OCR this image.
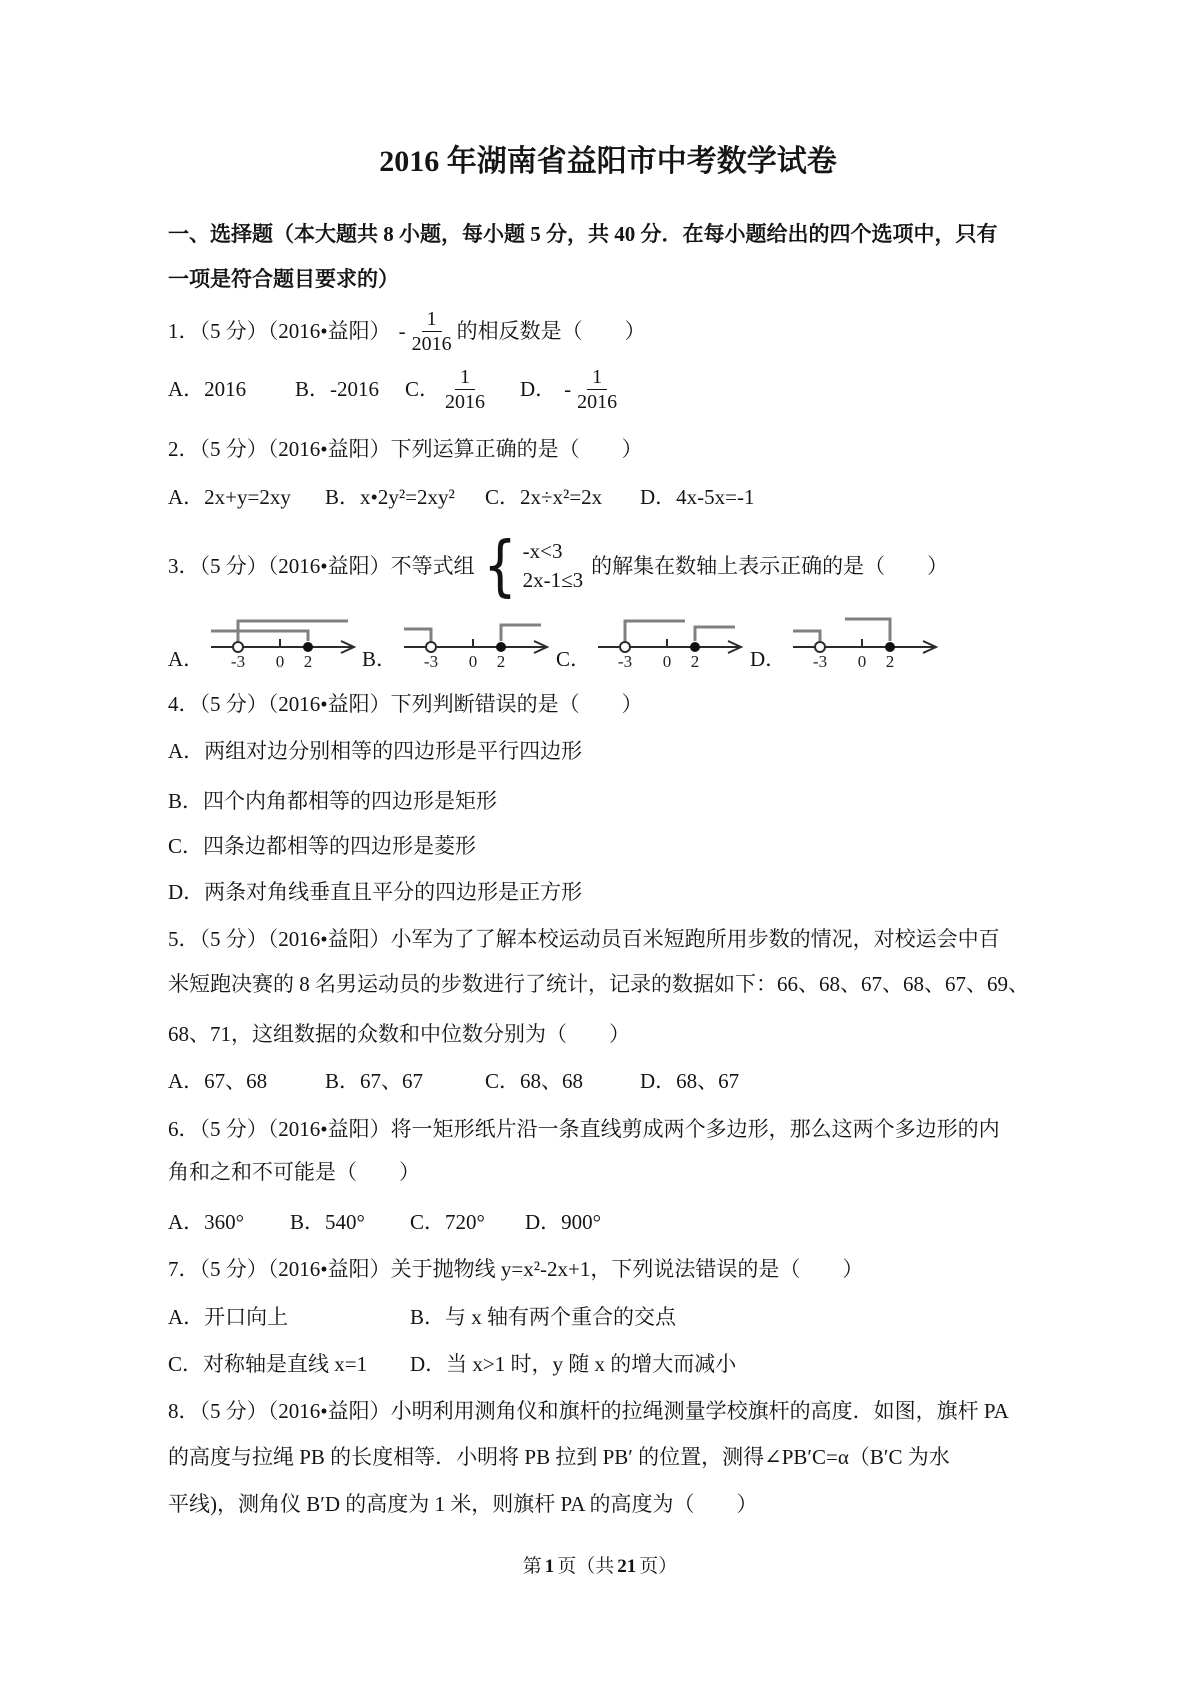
2016 年湖南省益阳市中考数学试卷
一、选择题（本大题共 8 小题，每小题 5 分，共 40 分．在每小题给出的四个选项中，只有
一项是符合题目要求的）
1．（5 分）（2016•益阳） - $\frac{1}{2016}$ 的相反数是（　　）
A． 2016 B． -2016 C． $\frac{1}{2016}$ D． - $\frac{1}{2016}$
2．（5 分）（2016•益阳）下列运算正确的是（　　）
A．2x+y=2xy	B．x•2y²=2xy²	C．2x÷x²=2x	D．4x-5x=-1
3．（5 分）（2016•益阳）不等式组 { -x<3
2x-1≤3
的解集在数轴上表示正确的是（　　）
A． -3 0 2 B． -3 0 2 C． -3 0 2 D． -3 0 2
4．（5 分）（2016•益阳）下列判断错误的是（　　）
A．两组对边分别相等的四边形是平行四边形
B．四个内角都相等的四边形是矩形
C．四条边都相等的四边形是菱形
D．两条对角线垂直且平分的四边形是正方形
5．（5 分）（2016•益阳）小军为了了解本校运动员百米短跑所用步数的情况，对校运会中百
米短跑决赛的 8 名男运动员的步数进行了统计，记录的数据如下：66、68、67、68、67、69、
68、71，这组数据的众数和中位数分别为（　　）
A．67、68	B．67、67	C．68、68	D．68、67
6．（5 分）（2016•益阳）将一矩形纸片沿一条直线剪成两个多边形，那么这两个多边形的内
角和之和不可能是（　　）
A．360°	B．540°	C．720°	D．900°
7．（5 分）（2016•益阳）关于抛物线 y=x²-2x+1，下列说法错误的是（　　）
A．开口向上	B．与 x 轴有两个重合的交点
C．对称轴是直线 x=1	D．当 x>1 时，y 随 x 的增大而减小
8．（5 分）（2016•益阳）小明利用测角仪和旗杆的拉绳测量学校旗杆的高度．如图，旗杆 PA
的高度与拉绳 PB 的长度相等．小明将 PB 拉到 PB′ 的位置，测得∠PB′C=α（B′C 为水
平线)，测角仪 B′D 的高度为 1 米，则旗杆 PA 的高度为（　　）
第 1 页（共 21 页）
